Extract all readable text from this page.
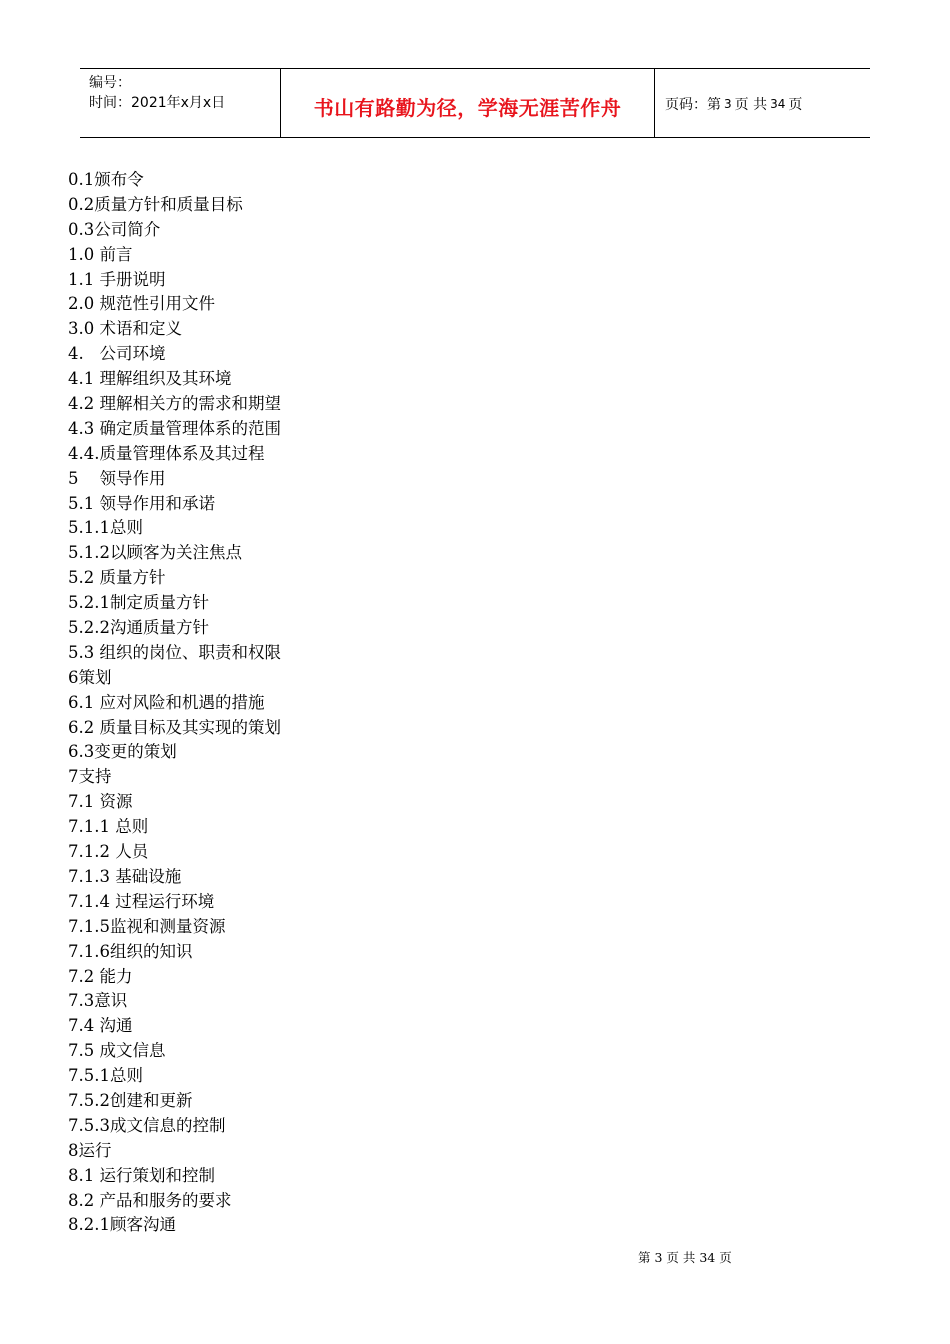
编号：
时间：2021年x月x日	书山有路勤为径，学海无涯苦作舟	页码：第 3 页 共 34 页
0.1颁布令
0.2质量方针和质量目标
0.3公司简介
1.0 前言
1.1 手册说明
2.0 规范性引用文件
3.0 术语和定义
4.   公司环境
4.1 理解组织及其环境
4.2 理解相关方的需求和期望
4.3 确定质量管理体系的范围
4.4.质量管理体系及其过程
5    领导作用
5.1 领导作用和承诺
5.1.1总则
5.1.2以顾客为关注焦点
5.2 质量方针
5.2.1制定质量方针
5.2.2沟通质量方针
5.3 组织的岗位、职责和权限
6策划
6.1 应对风险和机遇的措施
6.2 质量目标及其实现的策划
6.3变更的策划
7支持
7.1 资源
7.1.1 总则
7.1.2 人员
7.1.3 基础设施
7.1.4 过程运行环境
7.1.5监视和测量资源
7.1.6组织的知识
7.2 能力
7.3意识
7.4 沟通
7.5 成文信息
7.5.1总则
7.5.2创建和更新
7.5.3成文信息的控制
8运行
8.1 运行策划和控制
8.2 产品和服务的要求
8.2.1顾客沟通
第 3 页 共 34 页
